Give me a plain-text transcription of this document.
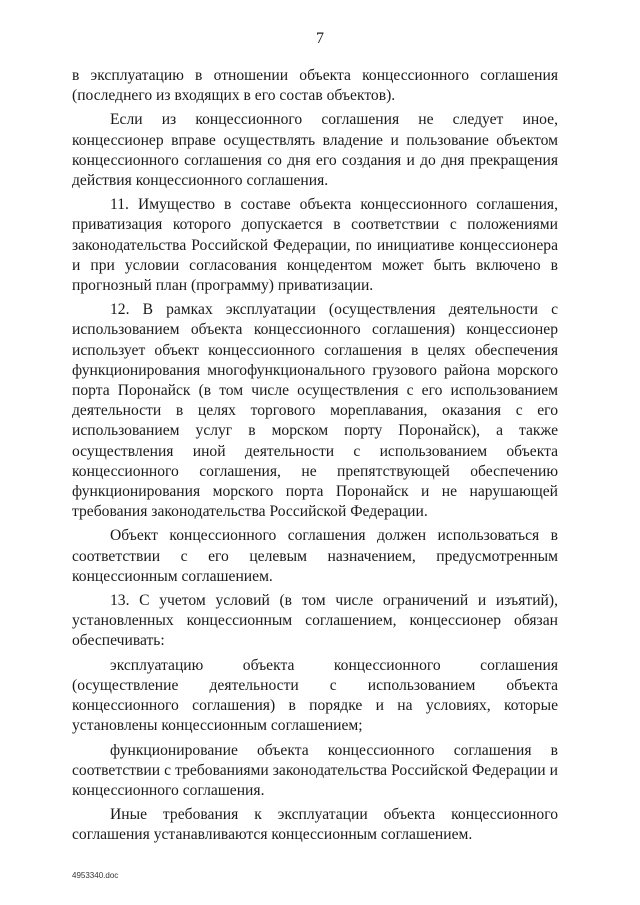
7

в эксплуатацию в отношении объекта концессионного соглашения (последнего из входящих в его состав объектов).

Если из концессионного соглашения не следует иное, концессионер вправе осуществлять владение и пользование объектом концессионного соглашения со дня его создания и до дня прекращения действия концессионного соглашения.

11. Имущество в составе объекта концессионного соглашения, приватизация которого допускается в соответствии с положениями законодательства Российской Федерации, по инициативе концессионера и при условии согласования концедентом может быть включено в прогнозный план (программу) приватизации.

12. В рамках эксплуатации (осуществления деятельности с использованием объекта концессионного соглашения) концессионер использует объект концессионного соглашения в целях обеспечения функционирования многофункционального грузового района морского порта Поронайск (в том числе осуществления с его использованием деятельности в целях торгового мореплавания, оказания с его использованием услуг в морском порту Поронайск), а также осуществления иной деятельности с использованием объекта концессионного соглашения, не препятствующей обеспечению функционирования морского порта Поронайск и не нарушающей требования законодательства Российской Федерации.

Объект концессионного соглашения должен использоваться в соответствии с его целевым назначением, предусмотренным концессионным соглашением.

13. С учетом условий (в том числе ограничений и изъятий), установленных концессионным соглашением, концессионер обязан обеспечивать:

эксплуатацию объекта концессионного соглашения (осуществление деятельности с использованием объекта концессионного соглашения) в порядке и на условиях, которые установлены концессионным соглашением;

функционирование объекта концессионного соглашения в соответствии с требованиями законодательства Российской Федерации и концессионного соглашения.

Иные требования к эксплуатации объекта концессионного соглашения устанавливаются концессионным соглашением.

4953340.doc
